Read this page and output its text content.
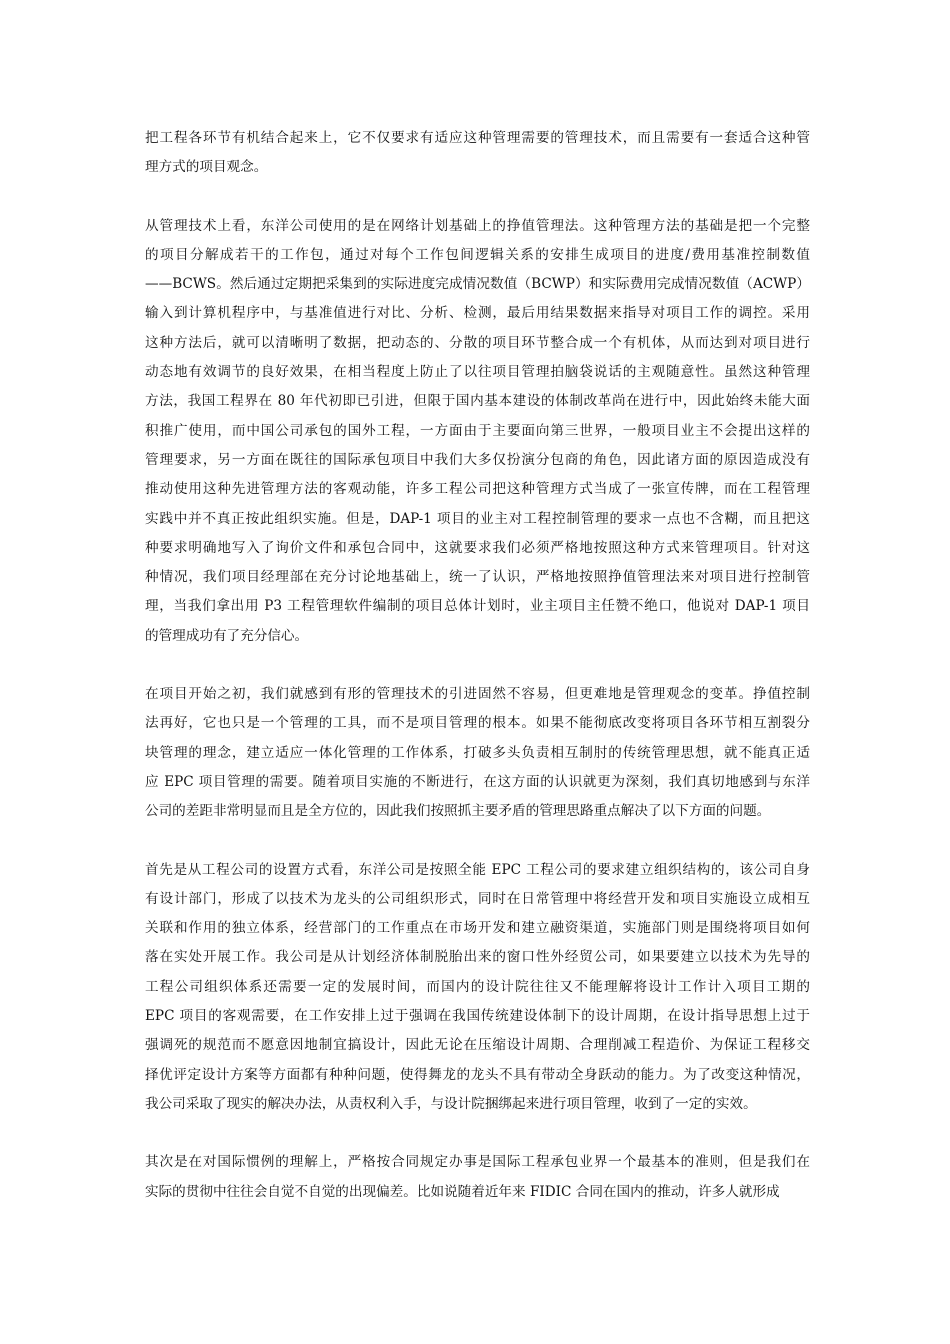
把工程各环节有机结合起来上，它不仅要求有适应这种管理需要的管理技术，而且需要有一套适合这种管
理方式的项目观念。
从管理技术上看，东洋公司使用的是在网络计划基础上的挣值管理法。这种管理方法的基础是把一个完整
的项目分解成若干的工作包，通过对每个工作包间逻辑关系的安排生成项目的进度/费用基准控制数值
——BCWS。然后通过定期把采集到的实际进度完成情况数值（BCWP）和实际费用完成情况数值（ACWP）
输入到计算机程序中，与基准值进行对比、分析、检测，最后用结果数据来指导对项目工作的调控。采用
这种方法后，就可以清晰明了数据，把动态的、分散的项目环节整合成一个有机体，从而达到对项目进行
动态地有效调节的良好效果，在相当程度上防止了以往项目管理拍脑袋说话的主观随意性。虽然这种管理
方法，我国工程界在 80 年代初即已引进，但限于国内基本建设的体制改革尚在进行中，因此始终未能大面
积推广使用，而中国公司承包的国外工程，一方面由于主要面向第三世界，一般项目业主不会提出这样的
管理要求，另一方面在既往的国际承包项目中我们大多仅扮演分包商的角色，因此诸方面的原因造成没有
推动使用这种先进管理方法的客观动能，许多工程公司把这种管理方式当成了一张宣传牌，而在工程管理
实践中并不真正按此组织实施。但是，DAP-1 项目的业主对工程控制管理的要求一点也不含糊，而且把这
种要求明确地写入了询价文件和承包合同中，这就要求我们必须严格地按照这种方式来管理项目。针对这
种情况，我们项目经理部在充分讨论地基础上，统一了认识，严格地按照挣值管理法来对项目进行控制管
理，当我们拿出用 P3 工程管理软件编制的项目总体计划时，业主项目主任赞不绝口，他说对 DAP-1 项目
的管理成功有了充分信心。
在项目开始之初，我们就感到有形的管理技术的引进固然不容易，但更难地是管理观念的变革。挣值控制
法再好，它也只是一个管理的工具，而不是项目管理的根本。如果不能彻底改变将项目各环节相互割裂分
块管理的理念，建立适应一体化管理的工作体系，打破多头负责相互制肘的传统管理思想，就不能真正适
应 EPC 项目管理的需要。随着项目实施的不断进行，在这方面的认识就更为深刻，我们真切地感到与东洋
公司的差距非常明显而且是全方位的，因此我们按照抓主要矛盾的管理思路重点解决了以下方面的问题。
首先是从工程公司的设置方式看，东洋公司是按照全能 EPC 工程公司的要求建立组织结构的，该公司自身
有设计部门，形成了以技术为龙头的公司组织形式，同时在日常管理中将经营开发和项目实施设立成相互
关联和作用的独立体系，经营部门的工作重点在市场开发和建立融资渠道，实施部门则是围绕将项目如何
落在实处开展工作。我公司是从计划经济体制脱胎出来的窗口性外经贸公司，如果要建立以技术为先导的
工程公司组织体系还需要一定的发展时间，而国内的设计院往往又不能理解将设计工作计入项目工期的
EPC 项目的客观需要，在工作安排上过于强调在我国传统建设体制下的设计周期，在设计指导思想上过于
强调死的规范而不愿意因地制宜搞设计，因此无论在压缩设计周期、合理削减工程造价、为保证工程移交
择优评定设计方案等方面都有种种问题，使得舞龙的龙头不具有带动全身跃动的能力。为了改变这种情况，
我公司采取了现实的解决办法，从责权利入手，与设计院捆绑起来进行项目管理，收到了一定的实效。
其次是在对国际惯例的理解上，严格按合同规定办事是国际工程承包业界一个最基本的准则，但是我们在
实际的贯彻中往往会自觉不自觉的出现偏差。比如说随着近年来 FIDIC 合同在国内的推动，许多人就形成
